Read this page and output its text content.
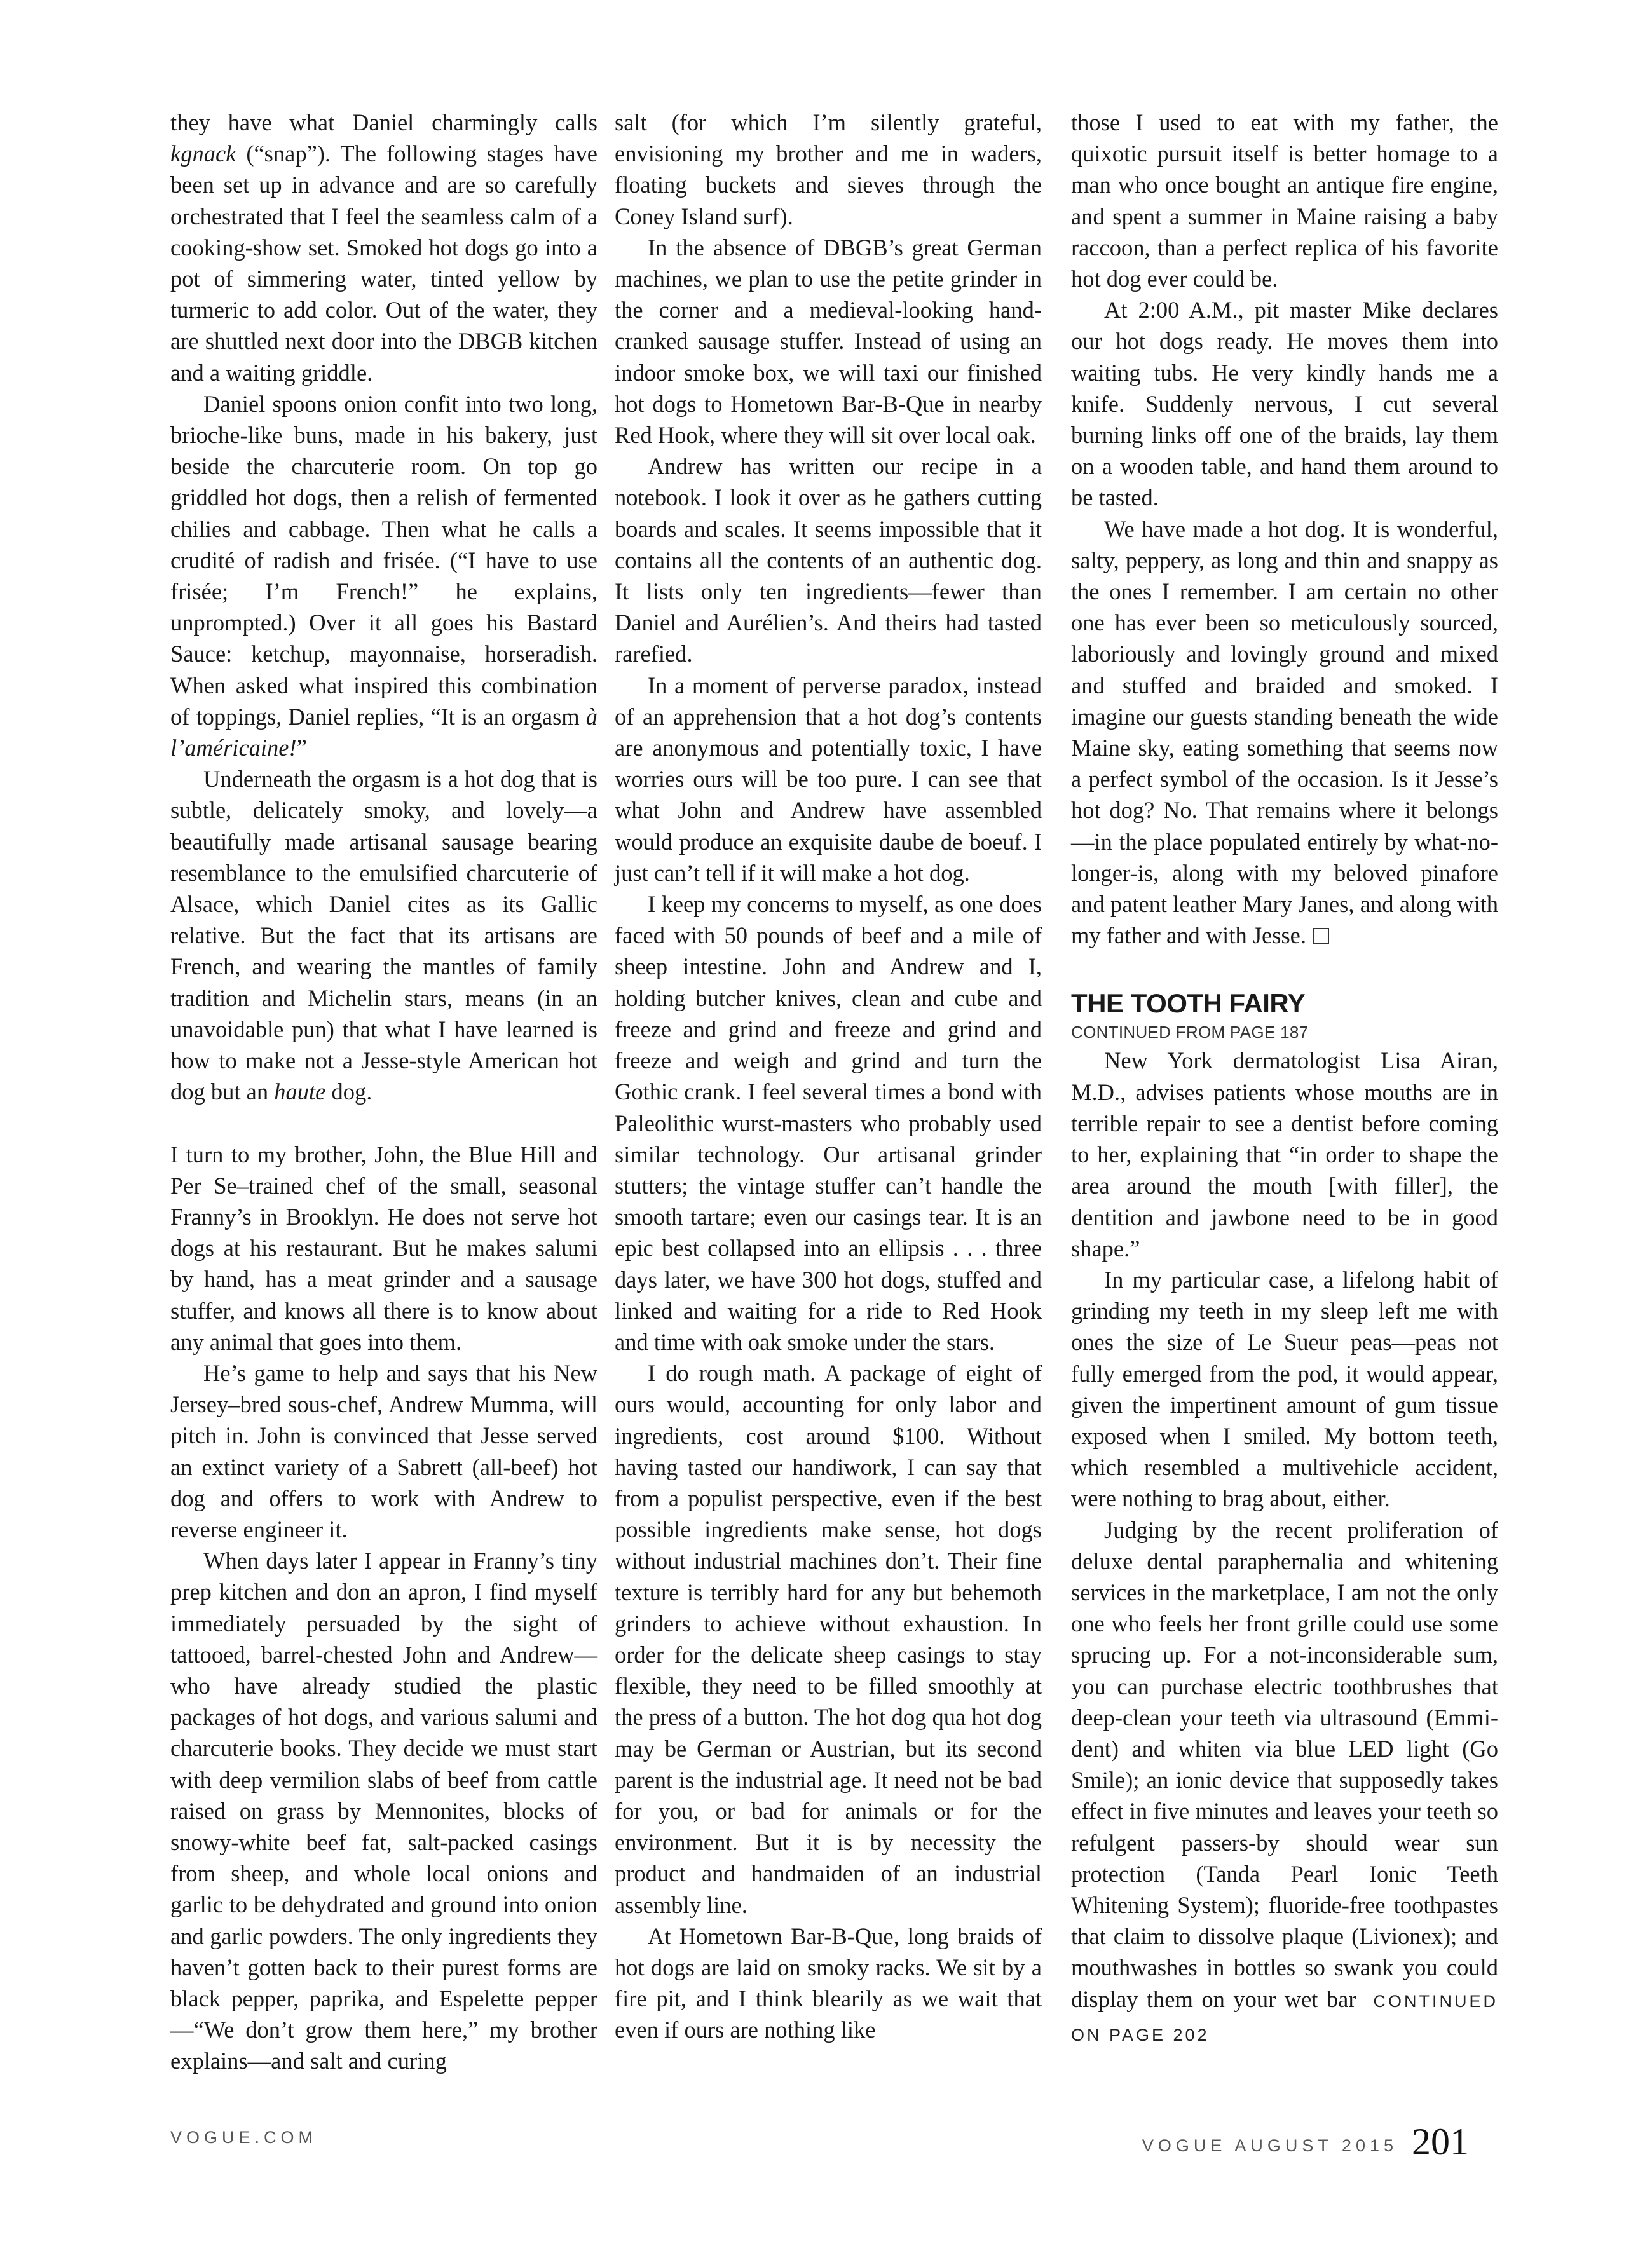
they have what Daniel charmingly calls kgnack (“snap”). The following stages have been set up in advance and are so carefully orchestrated that I feel the seamless calm of a cooking-show set. Smoked hot dogs go into a pot of simmering water, tinted yellow by turmeric to add color. Out of the water, they are shuttled next door into the DBGB kitchen and a waiting griddle.

Daniel spoons onion confit into two long, brioche-like buns, made in his bakery, just beside the charcuterie room. On top go griddled hot dogs, then a relish of fermented chilies and cabbage. Then what he calls a crudité of radish and frisée. (“I have to use frisée; I’m French!” he explains, unprompted.) Over it all goes his Bastard Sauce: ketchup, mayonnaise, horseradish. When asked what inspired this combination of toppings, Daniel replies, “It is an orgasm à l’américaine!”

Underneath the orgasm is a hot dog that is subtle, delicately smoky, and lovely—a beautifully made artisanal sausage bearing resemblance to the emulsified charcuterie of Alsace, which Daniel cites as its Gallic relative. But the fact that its artisans are French, and wearing the mantles of family tradition and Michelin stars, means (in an unavoidable pun) that what I have learned is how to make not a Jesse-style American hot dog but an haute dog.

I turn to my brother, John, the Blue Hill and Per Se–trained chef of the small, seasonal Franny’s in Brooklyn. He does not serve hot dogs at his restaurant. But he makes salumi by hand, has a meat grinder and a sausage stuffer, and knows all there is to know about any animal that goes into them.

He’s game to help and says that his New Jersey–bred sous-chef, Andrew Mumma, will pitch in. John is convinced that Jesse served an extinct variety of a Sabrett (all-beef) hot dog and offers to work with Andrew to reverse engineer it.

When days later I appear in Franny’s tiny prep kitchen and don an apron, I find myself immediately persuaded by the sight of tattooed, barrel-chested John and Andrew—who have already studied the plastic packages of hot dogs, and various salumi and charcuterie books. They decide we must start with deep vermilion slabs of beef from cattle raised on grass by Mennonites, blocks of snowy-white beef fat, salt-packed casings from sheep, and whole local onions and garlic to be dehydrated and ground into onion and garlic powders. The only ingredients they haven’t gotten back to their purest forms are black pepper, paprika, and Espelette pepper—“We don’t grow them here,” my brother explains—and salt and curing

salt (for which I’m silently grateful, envisioning my brother and me in waders, floating buckets and sieves through the Coney Island surf).

In the absence of DBGB’s great German machines, we plan to use the petite grinder in the corner and a medieval-looking hand-cranked sausage stuffer. Instead of using an indoor smoke box, we will taxi our finished hot dogs to Hometown Bar-B-Que in nearby Red Hook, where they will sit over local oak.

Andrew has written our recipe in a notebook. I look it over as he gathers cutting boards and scales. It seems impossible that it contains all the contents of an authentic dog. It lists only ten ingredients—fewer than Daniel and Aurélien’s. And theirs had tasted rarefied.

In a moment of perverse paradox, instead of an apprehension that a hot dog’s contents are anonymous and potentially toxic, I have worries ours will be too pure. I can see that what John and Andrew have assembled would produce an exquisite daube de boeuf. I just can’t tell if it will make a hot dog.

I keep my concerns to myself, as one does faced with 50 pounds of beef and a mile of sheep intestine. John and Andrew and I, holding butcher knives, clean and cube and freeze and grind and freeze and grind and freeze and weigh and grind and turn the Gothic crank. I feel several times a bond with Paleolithic wurst-masters who probably used similar technology. Our artisanal grinder stutters; the vintage stuffer can’t handle the smooth tartare; even our casings tear. It is an epic best collapsed into an ellipsis . . . three days later, we have 300 hot dogs, stuffed and linked and waiting for a ride to Red Hook and time with oak smoke under the stars.

I do rough math. A package of eight of ours would, accounting for only labor and ingredients, cost around $100. Without having tasted our handiwork, I can say that from a populist perspective, even if the best possible ingredients make sense, hot dogs without industrial machines don’t. Their fine texture is terribly hard for any but behemoth grinders to achieve without exhaustion. In order for the delicate sheep casings to stay flexible, they need to be filled smoothly at the press of a button. The hot dog qua hot dog may be German or Austrian, but its second parent is the industrial age. It need not be bad for you, or bad for animals or for the environment. But it is by necessity the product and handmaiden of an industrial assembly line.

At Hometown Bar-B-Que, long braids of hot dogs are laid on smoky racks. We sit by a fire pit, and I think blearily as we wait that even if ours are nothing like

those I used to eat with my father, the quixotic pursuit itself is better homage to a man who once bought an antique fire engine, and spent a summer in Maine raising a baby raccoon, than a perfect replica of his favorite hot dog ever could be.

At 2:00 A.M., pit master Mike declares our hot dogs ready. He moves them into waiting tubs. He very kindly hands me a knife. Suddenly nervous, I cut several burning links off one of the braids, lay them on a wooden table, and hand them around to be tasted.

We have made a hot dog. It is wonderful, salty, peppery, as long and thin and snappy as the ones I remember. I am certain no other one has ever been so meticulously sourced, laboriously and lovingly ground and mixed and stuffed and braided and smoked. I imagine our guests standing beneath the wide Maine sky, eating something that seems now a perfect symbol of the occasion. Is it Jesse’s hot dog? No. That remains where it belongs—in the place populated entirely by what-no-longer-is, along with my beloved pinafore and patent leather Mary Janes, and along with my father and with Jesse.

THE TOOTH FAIRY
CONTINUED FROM PAGE 187

New York dermatologist Lisa Airan, M.D., advises patients whose mouths are in terrible repair to see a dentist before coming to her, explaining that “in order to shape the area around the mouth [with filler], the dentition and jawbone need to be in good shape.”

In my particular case, a lifelong habit of grinding my teeth in my sleep left me with ones the size of Le Sueur peas—peas not fully emerged from the pod, it would appear, given the impertinent amount of gum tissue exposed when I smiled. My bottom teeth, which resembled a multivehicle accident, were nothing to brag about, either.

Judging by the recent proliferation of deluxe dental paraphernalia and whitening services in the marketplace, I am not the only one who feels her front grille could use some sprucing up. For a not-inconsiderable sum, you can purchase electric toothbrushes that deep-clean your teeth via ultrasound (Emmi-dent) and whiten via blue LED light (Go Smile); an ionic device that supposedly takes effect in five minutes and leaves your teeth so refulgent passers-by should wear sun protection (Tanda Pearl Ionic Teeth Whitening System); fluoride-free toothpastes that claim to dissolve plaque (Livionex); and mouthwashes in bottles so swank you could display them on your wet bar CONTINUED ON PAGE 202

VOGUE.COM	VOGUE AUGUST 2015 201
